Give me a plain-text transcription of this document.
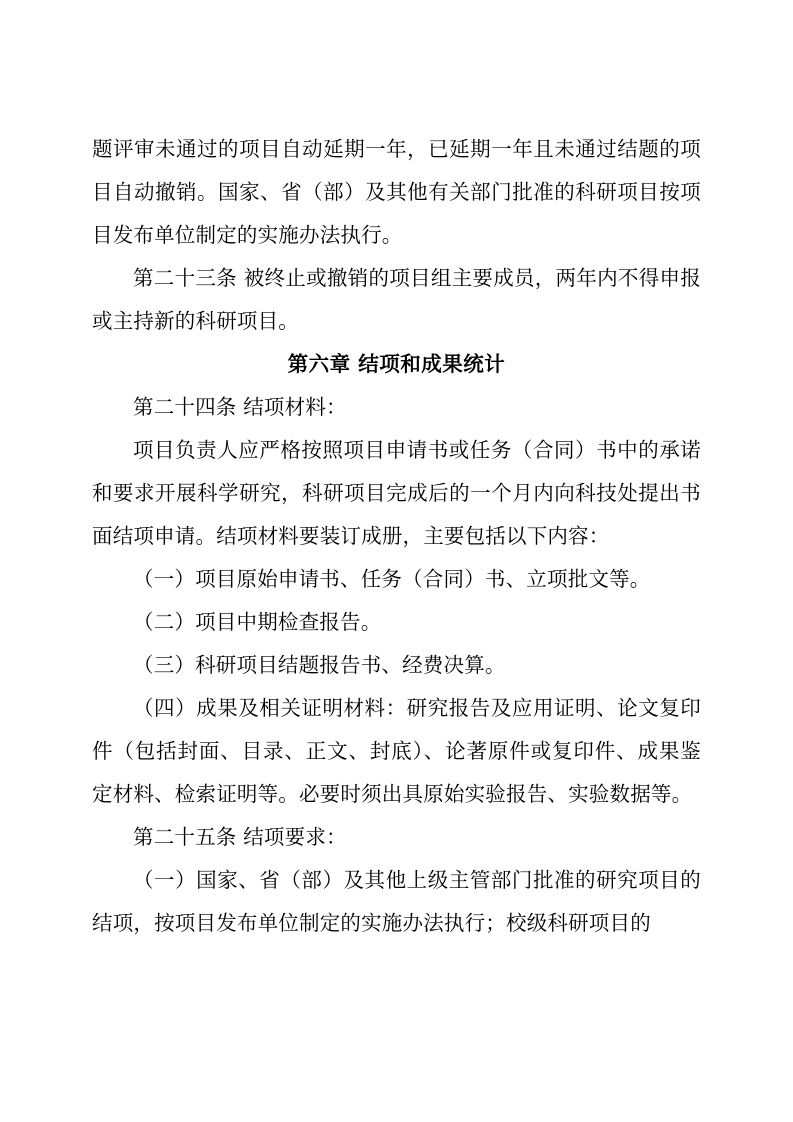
题评审未通过的项目自动延期一年，已延期一年且未通过结题的项目自动撤销。国家、省（部）及其他有关部门批准的科研项目按项目发布单位制定的实施办法执行。

第二十三条 被终止或撤销的项目组主要成员，两年内不得申报或主持新的科研项目。

第六章 结项和成果统计

第二十四条 结项材料：

项目负责人应严格按照项目申请书或任务（合同）书中的承诺和要求开展科学研究，科研项目完成后的一个月内向科技处提出书面结项申请。结项材料要装订成册，主要包括以下内容：

（一）项目原始申请书、任务（合同）书、立项批文等。

（二）项目中期检查报告。

（三）科研项目结题报告书、经费决算。

（四）成果及相关证明材料：研究报告及应用证明、论文复印件（包括封面、目录、正文、封底）、论著原件或复印件、成果鉴定材料、检索证明等。必要时须出具原始实验报告、实验数据等。

第二十五条 结项要求：

（一）国家、省（部）及其他上级主管部门批准的研究项目的结项，按项目发布单位制定的实施办法执行；校级科研项目的
